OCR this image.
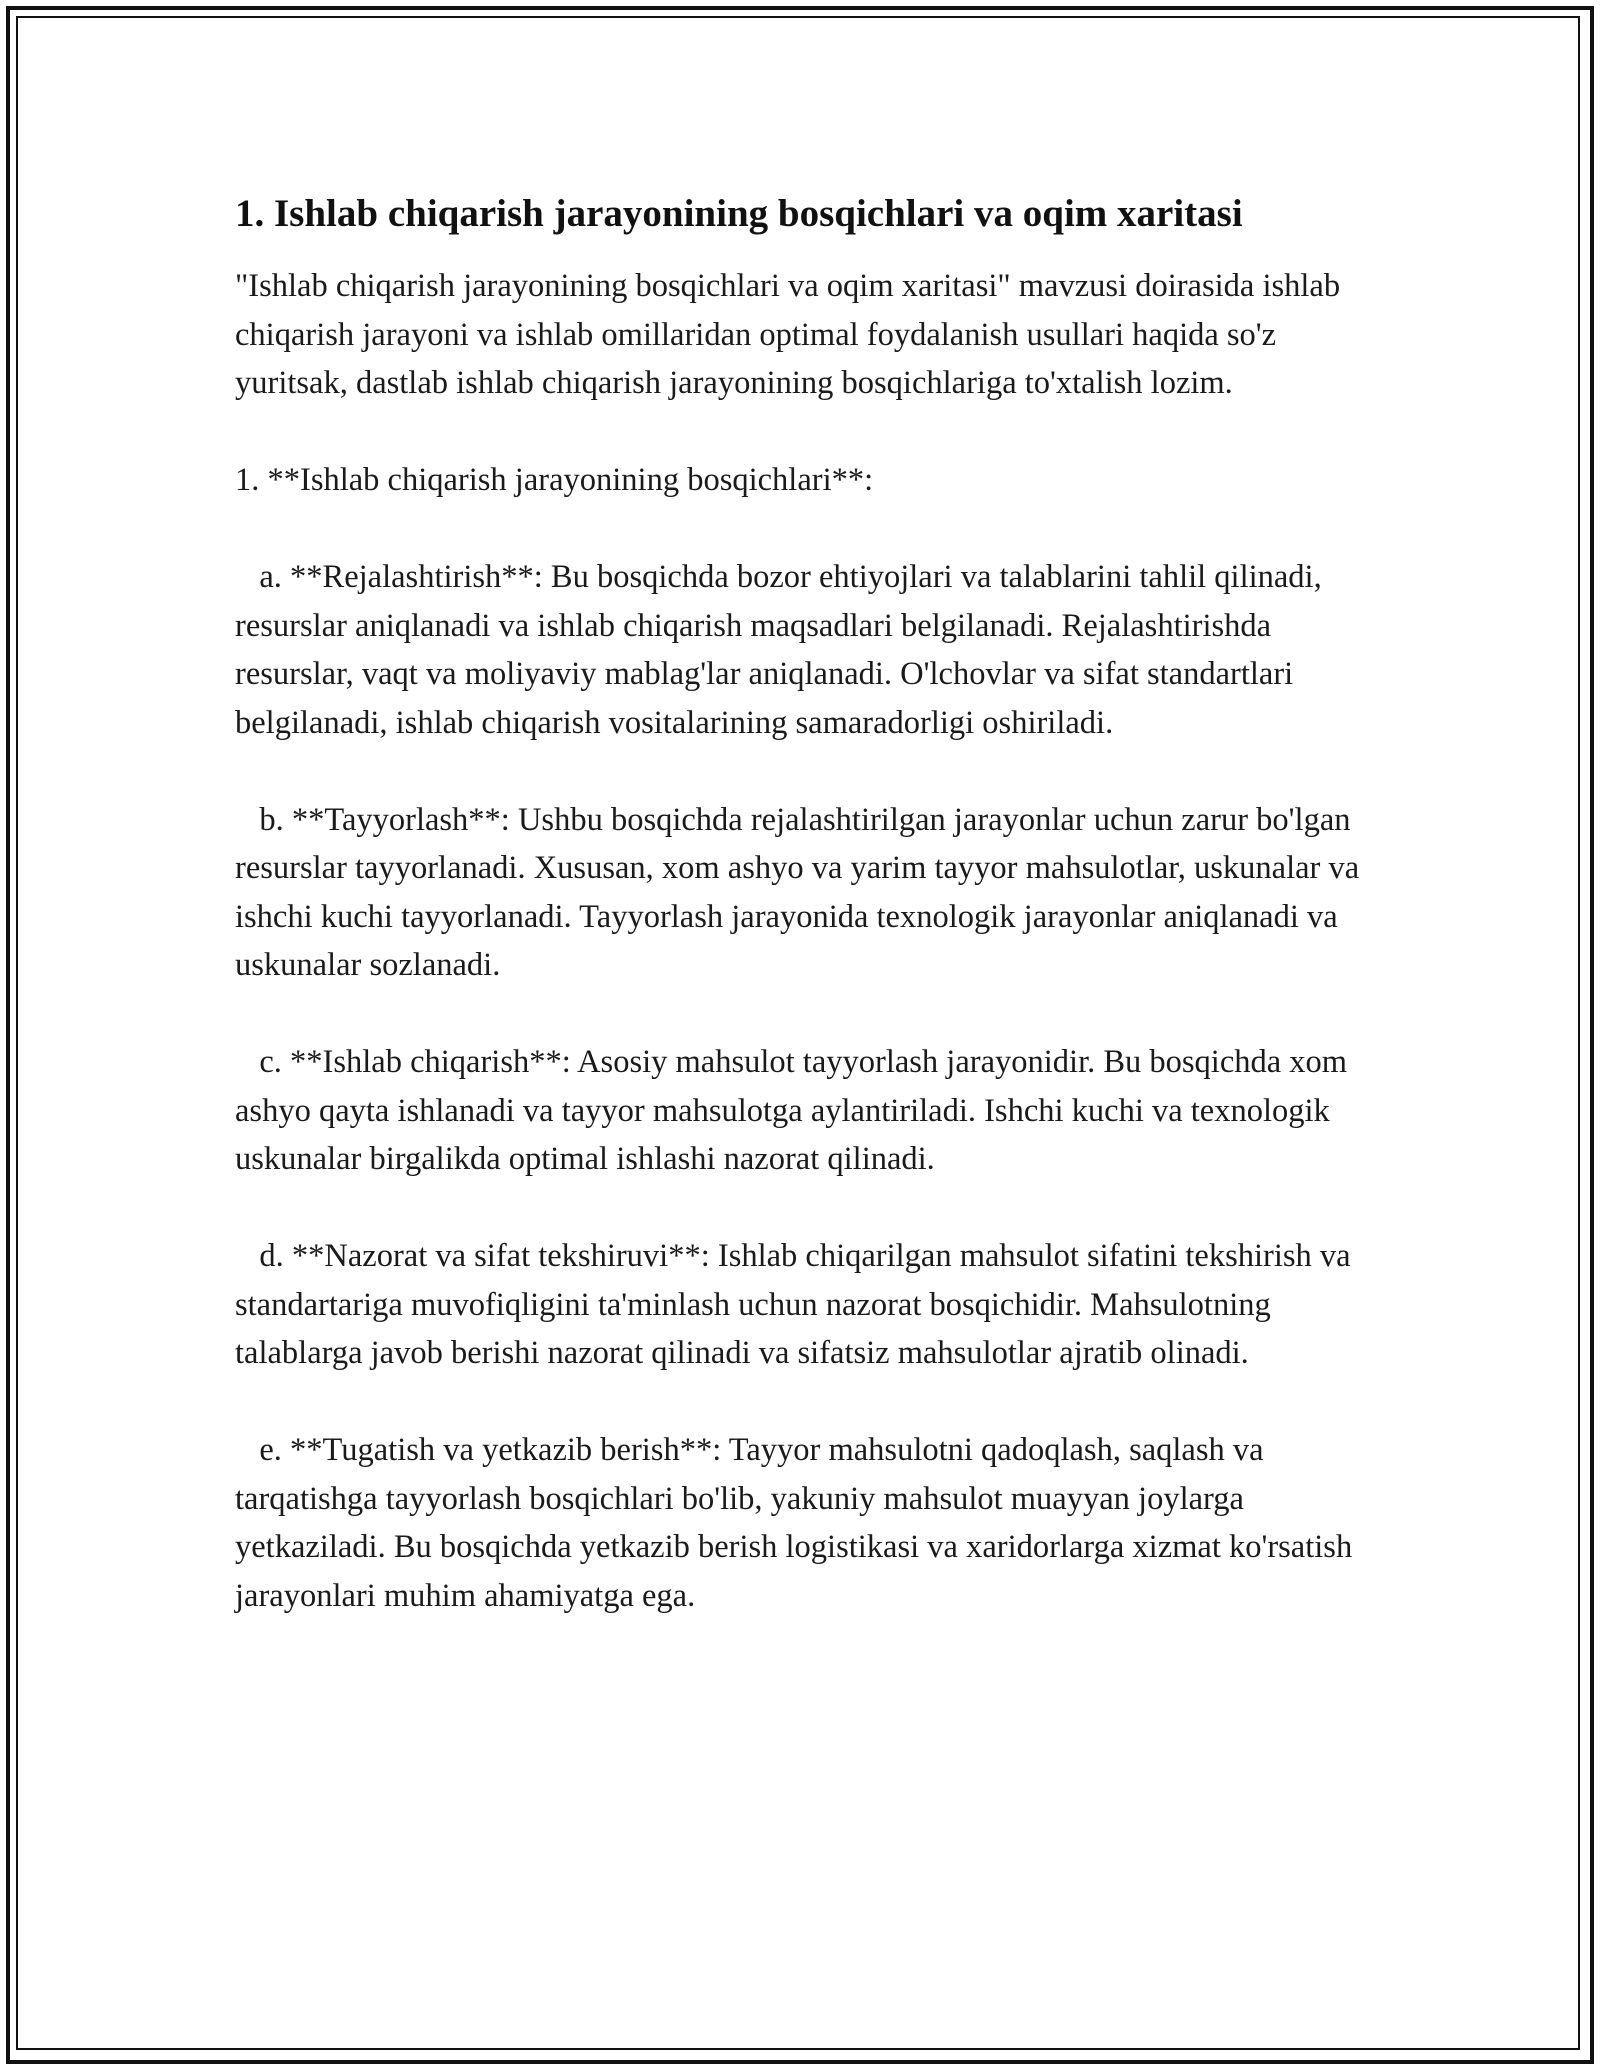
1. Ishlab chiqarish jarayonining bosqichlari va oqim xaritasi

"Ishlab chiqarish jarayonining bosqichlari va oqim xaritasi" mavzusi doirasida ishlab chiqarish jarayoni va ishlab omillaridan optimal foydalanish usullari haqida so'z yuritsak, dastlab ishlab chiqarish jarayonining bosqichlariga to'xtalish lozim.

1. **Ishlab chiqarish jarayonining bosqichlari**:

a. **Rejalashtirish**: Bu bosqichda bozor ehtiyojlari va talablarini tahlil qilinadi, resurslar aniqlanadi va ishlab chiqarish maqsadlari belgilanadi. Rejalashtirishda resurslar, vaqt va moliyaviy mablag'lar aniqlanadi. O'lchovlar va sifat standartlari belgilanadi, ishlab chiqarish vositalarining samaradorligi oshiriladi.

b. **Tayyorlash**: Ushbu bosqichda rejalashtirilgan jarayonlar uchun zarur bo'lgan resurslar tayyorlanadi. Xususan, xom ashyo va yarim tayyor mahsulotlar, uskunalar va ishchi kuchi tayyorlanadi. Tayyorlash jarayonida texnologik jarayonlar aniqlanadi va uskunalar sozlanadi.

c. **Ishlab chiqarish**: Asosiy mahsulot tayyorlash jarayonidir. Bu bosqichda xom ashyo qayta ishlanadi va tayyor mahsulotga aylantiriladi. Ishchi kuchi va texnologik uskunalar birgalikda optimal ishlashi nazorat qilinadi.

d. **Nazorat va sifat tekshiruvi**: Ishlab chiqarilgan mahsulot sifatini tekshirish va standartariga muvofiqligini ta'minlash uchun nazorat bosqichidir. Mahsulotning talablarga javob berishi nazorat qilinadi va sifatsiz mahsulotlar ajratib olinadi.

e. **Tugatish va yetkazib berish**: Tayyor mahsulotni qadoqlash, saqlash va tarqatishga tayyorlash bosqichlari bo'lib, yakuniy mahsulot muayyan joylarga yetkaziladi. Bu bosqichda yetkazib berish logistikasi va xaridorlarga xizmat ko'rsatish jarayonlari muhim ahamiyatga ega.
